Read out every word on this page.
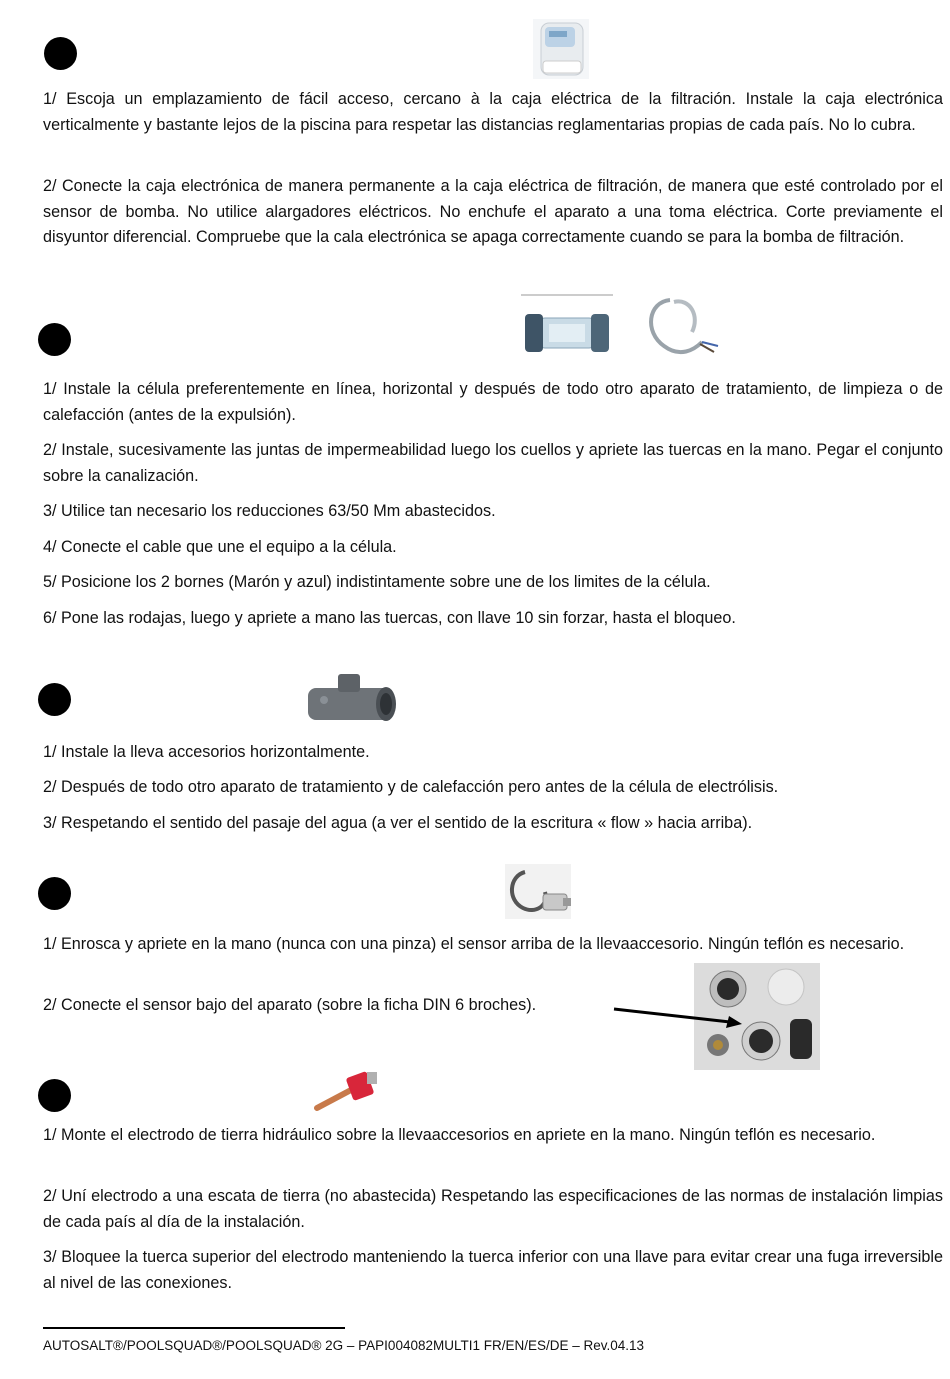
1/ Escoja un emplazamiento de fácil acceso, cercano à la caja eléctrica de la filtración. Instale la caja electrónica verticalmente y bastante lejos de la piscina para respetar las distancias reglamentarias propias de cada país. No lo cubra.

2/ Conecte la caja electrónica de manera permanente a la caja eléctrica de filtración, de manera que esté controlado por el sensor de bomba. No utilice alargadores eléctricos. No enchufe el aparato a una toma eléctrica. Corte previamente el disyuntor diferencial. Compruebe que la cala electrónica se apaga correctamente cuando se para la bomba de filtración.

1/ Instale la célula preferentemente en línea, horizontal y después de todo otro aparato de tratamiento, de limpieza o de calefacción (antes de la expulsión).

2/ Instale, sucesivamente las juntas de impermeabilidad luego los cuellos y apriete las tuercas en la mano. Pegar el conjunto sobre la canalización.

3/ Utilice tan necesario los reducciones 63/50 Mm abastecidos.

4/ Conecte el cable que une el equipo a la célula.

5/ Posicione los 2 bornes (Marón y azul) indistintamente sobre une de los limites de la célula.

6/ Pone las rodajas, luego y apriete a mano las tuercas, con llave 10 sin forzar, hasta el bloqueo.

1/ Instale la lleva accesorios horizontalmente.

2/ Después de todo otro aparato de tratamiento y de calefacción pero antes de la célula de electrólisis.

3/ Respetando el sentido del pasaje del agua (a ver el sentido de la escritura « flow » hacia arriba).

1/ Enrosca y apriete en la mano (nunca con una pinza) el sensor arriba de la llevaaccesorio. Ningún teflón es necesario.

2/ Conecte el sensor bajo del aparato (sobre la ficha DIN 6 broches).

1/ Monte el electrodo de tierra hidráulico sobre la llevaaccesorios en apriete en la mano. Ningún teflón es necesario.

2/ Uní electrodo a una escata de tierra (no abastecida) Respetando las especificaciones de las normas de instalación limpias de cada país al día de la instalación.

3/ Bloquee la tuerca superior del electrodo manteniendo la tuerca inferior con una llave para evitar crear una fuga irreversible al nivel de las conexiones.

AUTOSALT®/POOLSQUAD®/POOLSQUAD® 2G – PAPI004082MULTI1 FR/EN/ES/DE – Rev.04.13
